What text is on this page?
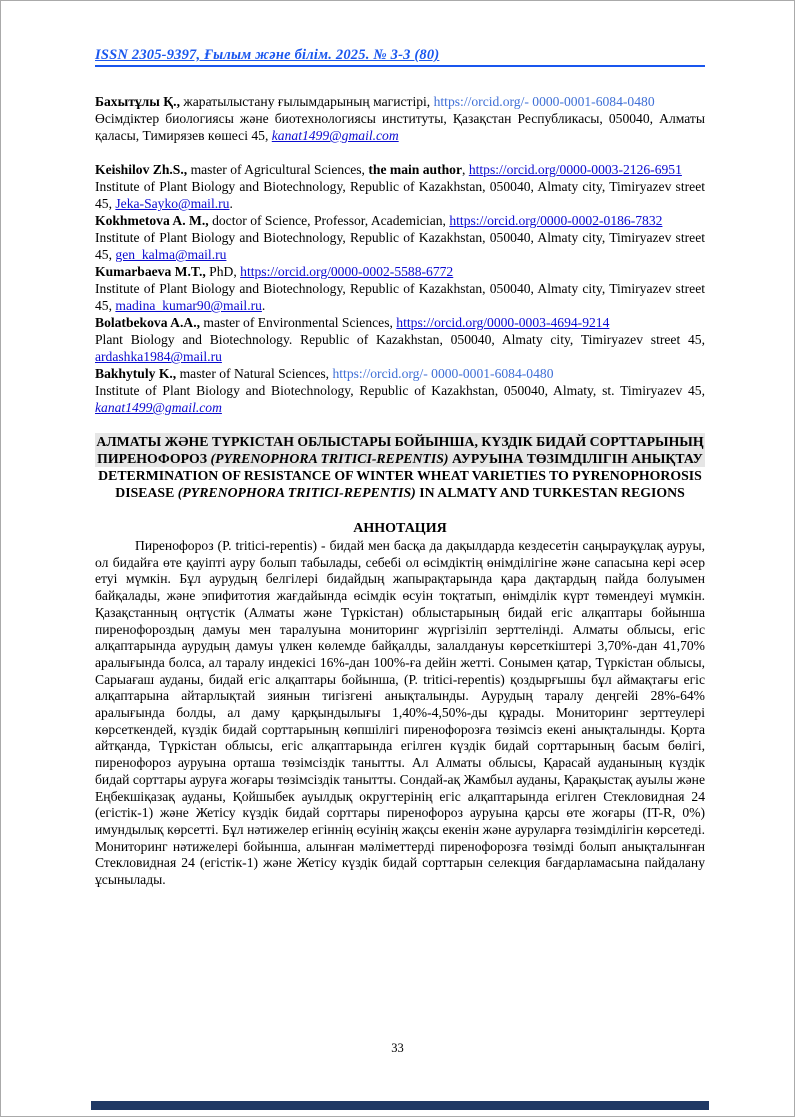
ISSN 2305-9397, Ғылым және білім. 2025. № 3-3 (80)

Бахытұлы Қ., жаратылыстану ғылымдарының магистірі, https://orcid.org/- 0000-0001-6084-0480

Өсімдіктер биологиясы және биотехнологиясы институты, Қазақстан Республикасы, 050040, Алматы қаласы, Тимирязев көшесі 45, kanat1499@gmail.com

Keishilov Zh.S., master of Agricultural Sciences, the main author, https://orcid.org/0000-0003-2126-6951

Institute of Plant Biology and Biotechnology, Republic of Kazakhstan, 050040, Almaty city, Timiryazev street 45, Jeka-Sayko@mail.ru.

Kokhmetova A. M., doctor of Science, Professor, Academician, https://orcid.org/0000-0002-0186-7832

Institute of Plant Biology and Biotechnology, Republic of Kazakhstan, 050040, Almaty city, Timiryazev street 45, gen_kalma@mail.ru

Kumarbaeva M.T., PhD, https://orcid.org/0000-0002-5588-6772

Institute of Plant Biology and Biotechnology, Republic of Kazakhstan, 050040, Almaty city, Timiryazev street 45, madina_kumar90@mail.ru.

Bolatbekova A.A., master of Environmental Sciences, https://orcid.org/0000-0003-4694-9214

Plant Biology and Biotechnology. Republic of Kazakhstan, 050040, Almaty city, Timiryazev street 45, ardashka1984@mail.ru

Bakhytuly K., master of Natural Sciences, https://orcid.org/- 0000-0001-6084-0480

Institute of Plant Biology and Biotechnology, Republic of Kazakhstan, 050040, Almaty, st. Timiryazev 45, kanat1499@gmail.com

АЛМАТЫ ЖӘНЕ ТҮРКІСТАН ОБЛЫСТАРЫ БОЙЫНША, КҮЗДІК БИДАЙ СОРТТАРЫНЫҢ ПИРЕНОФОРОЗ (PYRENOPHORA TRITICI-REPENTIS) АУРУЫНА ТӨЗІМДІЛІГІН АНЫҚТАУ
DETERMINATION OF RESISTANCE OF WINTER WHEAT VARIETIES TO PYRENOPHOROSIS DISEASE (PYRENOPHORA TRITICI-REPENTIS) IN ALMATY AND TURKESTAN REGIONS
АННОТАЦИЯ

Пиренофороз (P. tritici-repentis) - бидай мен басқа да дақылдарда кездесетін саңырауқұлақ ауруы, ол бидайға өте қауіпті ауру болып табылады, себебі ол өсімдіктің өнімділігіне және сапасына кері әсер етуі мүмкін. Бұл аурудың белгілері бидайдың жапырақтарында қара дақтардың пайда болуымен байқалады, және эпифитотия жағдайында өсімдік өсуін тоқтатып, өнімділік күрт төмендеуі мүмкін. Қазақстанның оңтүстік (Алматы және Түркістан) облыстарының бидай егіс алқаптары бойынша пиренофороздың дамуы мен таралуына мониторинг жүргізіліп зерттелінді. Алматы облысы, егіс алқаптарында аурудың дамуы үлкен көлемде байқалды, залалдануы көрсеткіштері 3,70%-дан 41,70% аралығында болса, ал таралу индекісі 16%-дан 100%-ға дейін жетті. Сонымен қатар, Түркістан облысы, Сарыағаш ауданы, бидай егіс алқаптары бойынша, (P. tritici-repentis) қоздырғышы бұл аймақтағы егіс алқаптарына айтарлықтай зиянын тигізгені анықталынды. Аурудың таралу деңгейі 28%-64% аралығында болды, ал даму қарқындылығы 1,40%-4,50%-ды құрады. Мониторинг зерттеулері көрсеткендей, күздік бидай сорттарының көпшілігі пиренофорозға төзімсіз екені анықталынды. Қорта айтқанда, Түркістан облысы, егіс алқаптарында егілген күздік бидай сорттарының басым бөлігі, пиренофороз ауруына орташа төзімсіздік танытты. Ал Алматы облысы, Қарасай ауданының күздік бидай сорттары ауруға жоғары төзімсіздік танытты. Сондай-ақ Жамбыл ауданы, Қарақыстақ ауылы және Еңбекшіқазақ ауданы, Қойшыбек ауылдық округтерінің егіс алқаптарында егілген Стекловидная 24 (егістік-1) және Жетісу күздік бидай сорттары пиренофороз ауруына қарсы өте жоғары (IT-R, 0%) имундылық көрсетті. Бұл нәтижелер егіннің өсуінің жақсы екенін және ауруларға төзімділігін көрсетеді. Мониторинг нәтижелері бойынша, алынған мәліметтерді пиренофорозға төзімді болып анықталынған Стекловидная 24 (егістік-1) және Жетісу күздік бидай сорттарын селекция бағдарламасына пайдалану ұсынылады.

33
